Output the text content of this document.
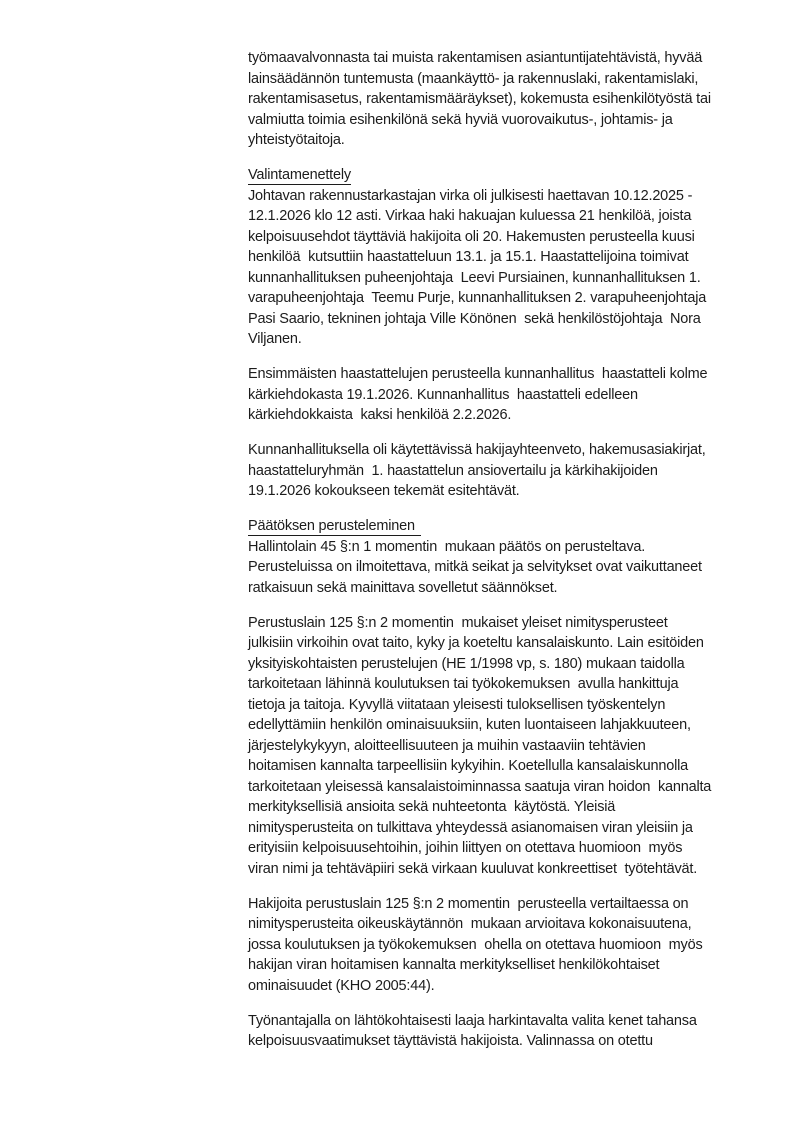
työmaavalvonnasta tai muista rakentamisen asiantuntijatehtävistä, hyvää
lainsäädännön tuntemusta (maankäyttö- ja rakennuslaki, rakentamislaki,
rakentamisasetus, rakentamismääräykset), kokemusta esihenkilötyöstä tai
valmiutta toimia esihenkilönä sekä hyviä vuorovaikutus-, johtamis- ja
yhteistyötaitoja.
Valintamenettely
Johtavan rakennustarkastajan virka oli julkisesti haettavan 10.12.2025 -
12.1.2026 klo 12 asti. Virkaa haki hakuajan kuluessa 21 henkilöä, joista
kelpoisuusehdot täyttäviä hakijoita oli 20. Hakemusten perusteella kuusi
henkilöä  kutsuttiin haastatteluun 13.1. ja 15.1. Haastattelijoina toimivat
kunnanhallituksen puheenjohtaja  Leevi Pursiainen, kunnanhallituksen 1.
varapuheenjohtaja  Teemu Purje, kunnanhallituksen 2. varapuheenjohtaja
Pasi Saario, tekninen johtaja Ville Könönen  sekä henkilöstöjohtaja  Nora
Viljanen.
Ensimmäisten haastattelujen perusteella kunnanhallitus  haastatteli kolme
kärkiehdokasta 19.1.2026. Kunnanhallitus  haastatteli edelleen
kärkiehdokkaista  kaksi henkilöä 2.2.2026.
Kunnanhallituksella oli käytettävissä hakijayhteenveto, hakemusasiakirjat,
haastatteluryhmän  1. haastattelun ansiovertailu ja kärkihakijoiden
19.1.2026 kokoukseen tekemät esitehtävät.
Päätöksen perusteleminen
Hallintolain 45 §:n 1 momentin  mukaan päätös on perusteltava.
Perusteluissa on ilmoitettava, mitkä seikat ja selvitykset ovat vaikuttaneet
ratkaisuun sekä mainittava sovelletut säännökset.
Perustuslain 125 §:n 2 momentin  mukaiset yleiset nimitysperusteet
julkisiin virkoihin ovat taito, kyky ja koeteltu kansalaiskunto. Lain esitöiden
yksityiskohtaisten perustelujen (HE 1/1998 vp, s. 180) mukaan taidolla
tarkoitetaan lähinnä koulutuksen tai työkokemuksen  avulla hankittuja
tietoja ja taitoja. Kyvyllä viitataan yleisesti tuloksellisen työskentelyn
edellyttämiin henkilön ominaisuuksiin, kuten luontaiseen lahjakkuuteen,
järjestelykykyyn, aloitteellisuuteen ja muihin vastaaviin tehtävien
hoitamisen kannalta tarpeellisiin kykyihin. Koetellulla kansalaiskunnolla
tarkoitetaan yleisessä kansalaistoiminnassa saatuja viran hoidon  kannalta
merkityksellisiä ansioita sekä nuhteetonta  käytöstä. Yleisiä
nimitysperusteita on tulkittava yhteydessä asianomaisen viran yleisiin ja
erityisiin kelpoisuusehtoihin, joihin liittyen on otettava huomioon  myös
viran nimi ja tehtäväpiiri sekä virkaan kuuluvat konkreettiset  työtehtävät.
Hakijoita perustuslain 125 §:n 2 momentin  perusteella vertailtaessa on
nimitysperusteita oikeuskäytännön  mukaan arvioitava kokonaisuutena,
jossa koulutuksen ja työkokemuksen  ohella on otettava huomioon  myös
hakijan viran hoitamisen kannalta merkitykselliset henkilökohtaiset
ominaisuudet (KHO 2005:44).
Työnantajalla on lähtökohtaisesti laaja harkintavalta valita kenet tahansa
kelpoisuusvaatimukset täyttävistä hakijoista. Valinnassa on otettu
